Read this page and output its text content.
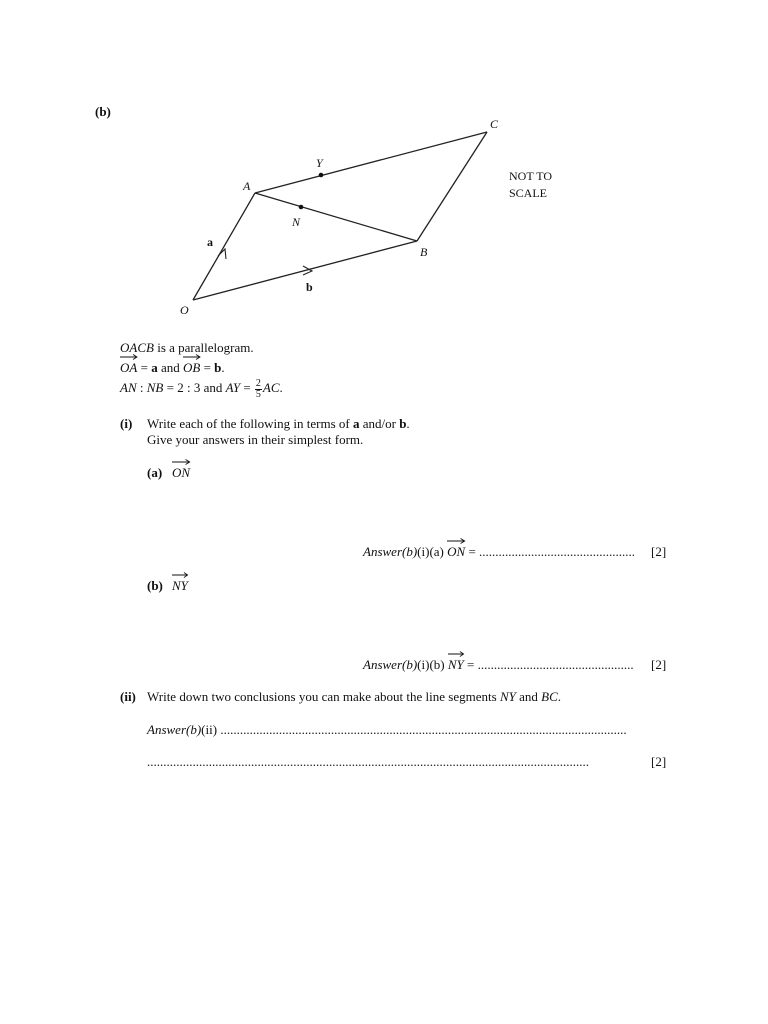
(b)
C
Y
A
N
B
O
a
b
NOT TO
SCALE
OACB is a parallelogram.
OA = a and
OB = b.
AN : NB = 2 : 3 and AY = $\frac{2}{5}$ AC.
(i) Write each of the following in terms of a and/or b.
Give your answers in their simplest form.
(a) ON
Answer(b)(i)(a)
ON = ................................................ [2]
(b) NY
Answer(b)(i)(b)
NY = ................................................ [2]
(ii) Write down two conclusions you can make about the line segments NY and BC.
Answer(b)(ii) .............................................................................................................................
........................................................................................................................................	[2]
